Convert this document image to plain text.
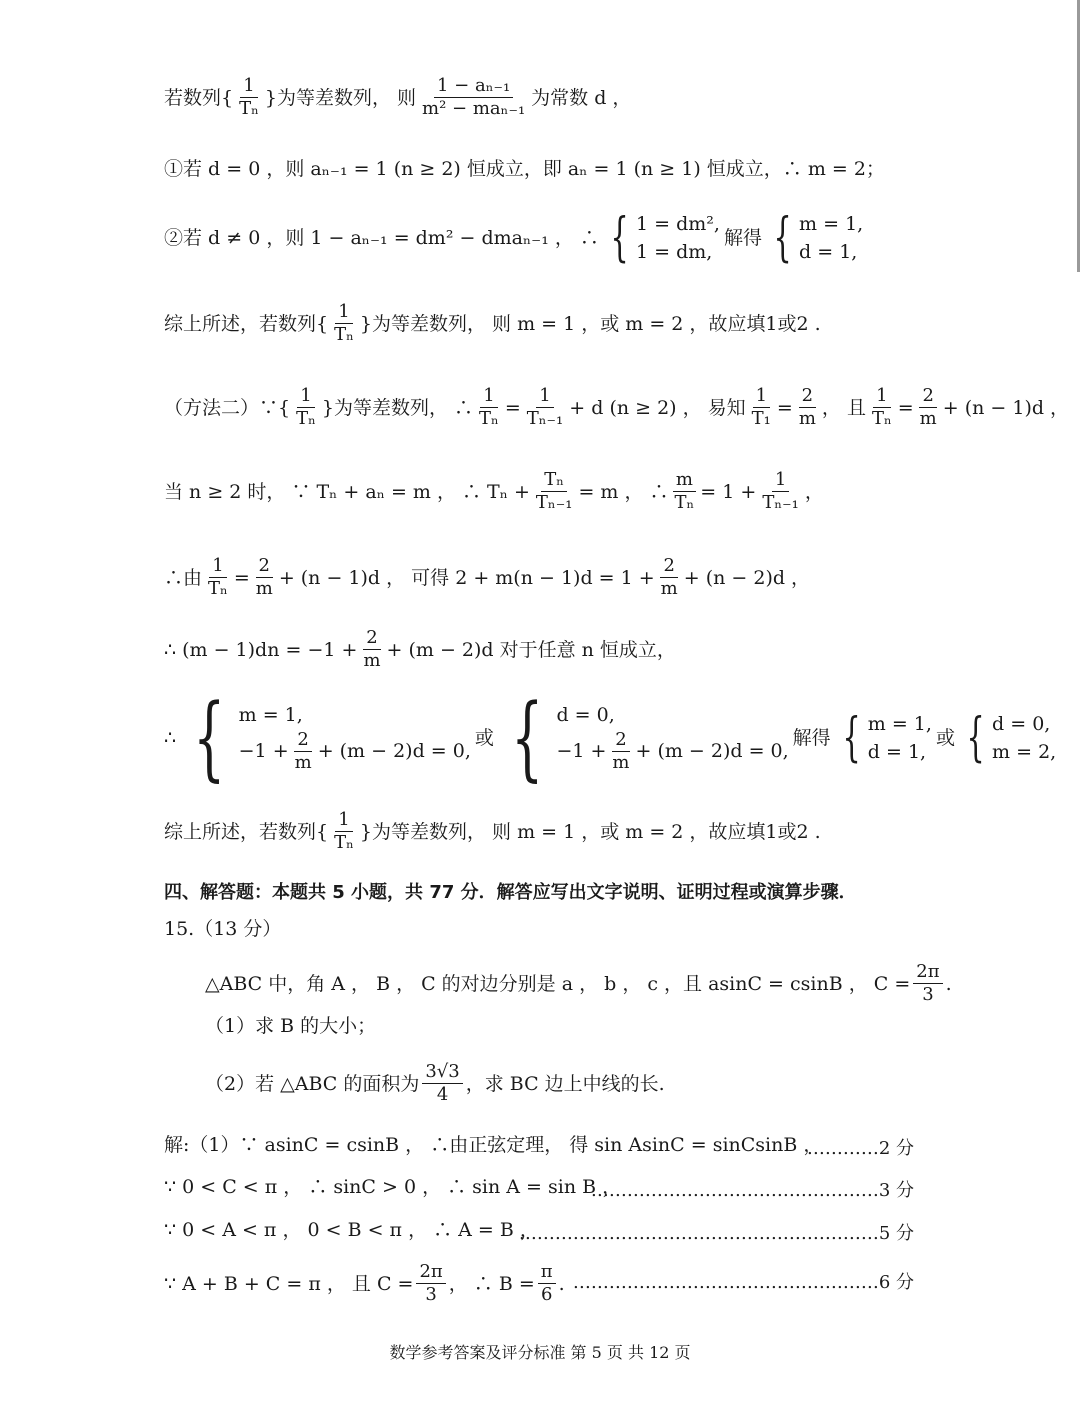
若数列 { $\frac{1}{\text{Tₙ}}$ } 为等差数列， 则 $\frac{\text{1 − aₙ₋₁}}{\text{m² − maₙ₋₁}}$ 为常数 d ，
①若 d = 0 ，则 aₙ₋₁ = 1 (n ≥ 2) 恒成立，即 aₙ = 1 (n ≥ 1) 恒成立，∴ m = 2；
②若 d ≠ 0 ，则 1 − aₙ₋₁ = dm² − dmaₙ₋₁ ， ∴ { 1 = dm²,
1 = dm,
解得 { m = 1,
d = 1,
综上所述，若数列 { $\frac{1}{\text{Tₙ}}$ } 为等差数列， 则 m = 1 ，或 m = 2 ，故应填1或2 .
（方法二）∵ { $\frac{1}{\text{Tₙ}}$ } 为等差数列， ∴ $\frac{1}{\text{Tₙ}} = \frac{1}{\text{Tₙ₋₁}} + d$ (n ≥ 2) ， 易知 $\frac{1}{\text{T₁}} = \frac{2}{m}$ ， 且 $\frac{1}{\text{Tₙ}} = \frac{2}{m} + (n - 1)d$ ，
当 n ≥ 2 时， ∵ Tₙ + aₙ = m ， ∴ $T_n + \frac{\text{Tₙ}}{\text{Tₙ₋₁}} = m$ ， ∴ $\frac{m}{\text{Tₙ}} = 1 + \frac{1}{\text{Tₙ₋₁}}$ ，
∴由 $\frac{1}{\text{Tₙ}} = \frac{2}{m} + (n - 1)d$ ， 可得 $2 + m(n - 1)d = 1 + \frac{2}{m} + (n - 2)d$ ，
∴ $(m - 1)dn = -1 + \frac{2}{m} + (m - 2)d$ 对于任意 n 恒成立，
∴ { m = 1,
$-1 + \frac{2}{m} + (m - 2)d = 0$,
或 { d = 0,
$-1 + \frac{2}{m} + (m - 2)d = 0$,
解得 { m = 1,
d = 1,
或 { d = 0,
m = 2,
综上所述，若数列 { $\frac{1}{\text{Tₙ}}$ } 为等差数列， 则 m = 1 ，或 m = 2 ，故应填1或2 .
四、解答题：本题共 5 小题，共 77 分．解答应写出文字说明、证明过程或演算步骤．
15.（13 分）
△ABC 中，角 A ， B ， C 的对边分别是 a ， b ， c ，且 asinC = csinB ， $C = \frac{2\pi}{3}$ .
（1）求 B 的大小；
（2）若 △ABC 的面积为 $\frac{3√3}{4}$ ，求 BC 边上中线的长.
解:（1）∵ asinC = csinB ， ∴由正弦定理， 得 sin AsinC = sinCsinB ，
…………2 分
∵ 0 < C < π ， ∴ sinC > 0 ， ∴ sin A = sin B ，
…………………………………………3 分
∵ 0 < A < π ， 0 < B < π ， ∴ A = B ，
……………………………………………………5 分
∵ A + B + C = π ， 且 $C = \frac{2\pi}{3}$ ， ∴ $B = \frac{\pi}{6}$ . ……………………………………………6 分
数学参考答案及评分标准 第 5 页 共 12 页
